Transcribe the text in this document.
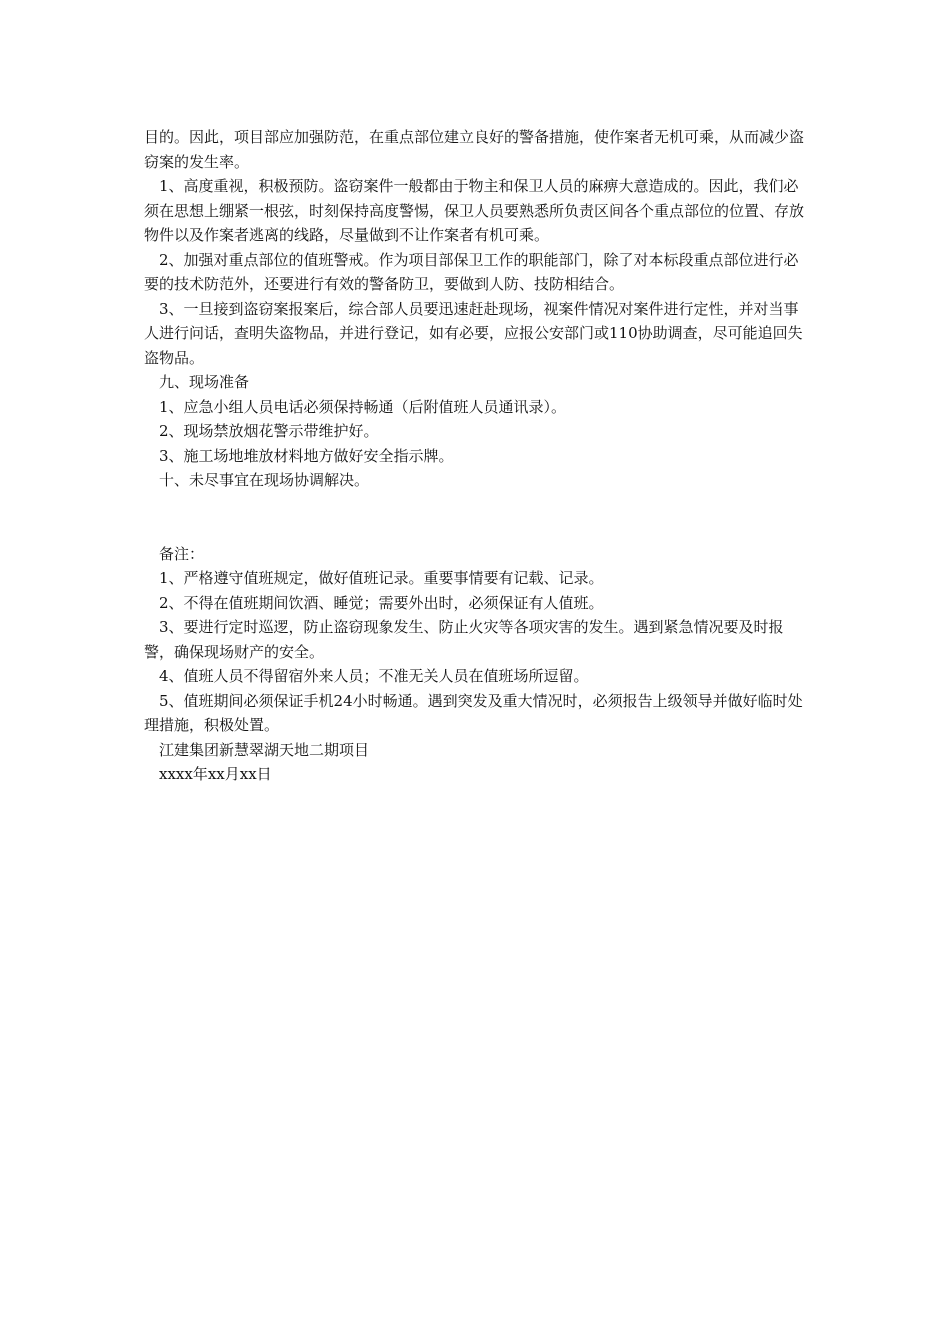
目的。因此，项目部应加强防范，在重点部位建立良好的警备措施，使作案者无机可乘，从而减少盗窃案的发生率。

1、高度重视，积极预防。盗窃案件一般都由于物主和保卫人员的麻痹大意造成的。因此，我们必须在思想上绷紧一根弦，时刻保持高度警惕，保卫人员要熟悉所负责区间各个重点部位的位置、存放物件以及作案者逃离的线路，尽量做到不让作案者有机可乘。

2、加强对重点部位的值班警戒。作为项目部保卫工作的职能部门，除了对本标段重点部位进行必要的技术防范外，还要进行有效的警备防卫，要做到人防、技防相结合。

3、一旦接到盗窃案报案后，综合部人员要迅速赶赴现场，视案件情况对案件进行定性，并对当事人进行问话，查明失盗物品，并进行登记，如有必要，应报公安部门或110协助调查，尽可能追回失盗物品。

九、现场准备

1、应急小组人员电话必须保持畅通（后附值班人员通讯录）。

2、现场禁放烟花警示带维护好。

3、施工场地堆放材料地方做好安全指示牌。

十、未尽事宜在现场协调解决。

备注：

1、严格遵守值班规定，做好值班记录。重要事情要有记载、记录。

2、不得在值班期间饮酒、睡觉；需要外出时，必须保证有人值班。

3、要进行定时巡逻，防止盗窃现象发生、防止火灾等各项灾害的发生。遇到紧急情况要及时报警，确保现场财产的安全。

4、值班人员不得留宿外来人员；不准无关人员在值班场所逗留。

5、值班期间必须保证手机24小时畅通。遇到突发及重大情况时，必须报告上级领导并做好临时处理措施，积极处置。

江建集团新慧翠湖天地二期项目

xxxx年xx月xx日
